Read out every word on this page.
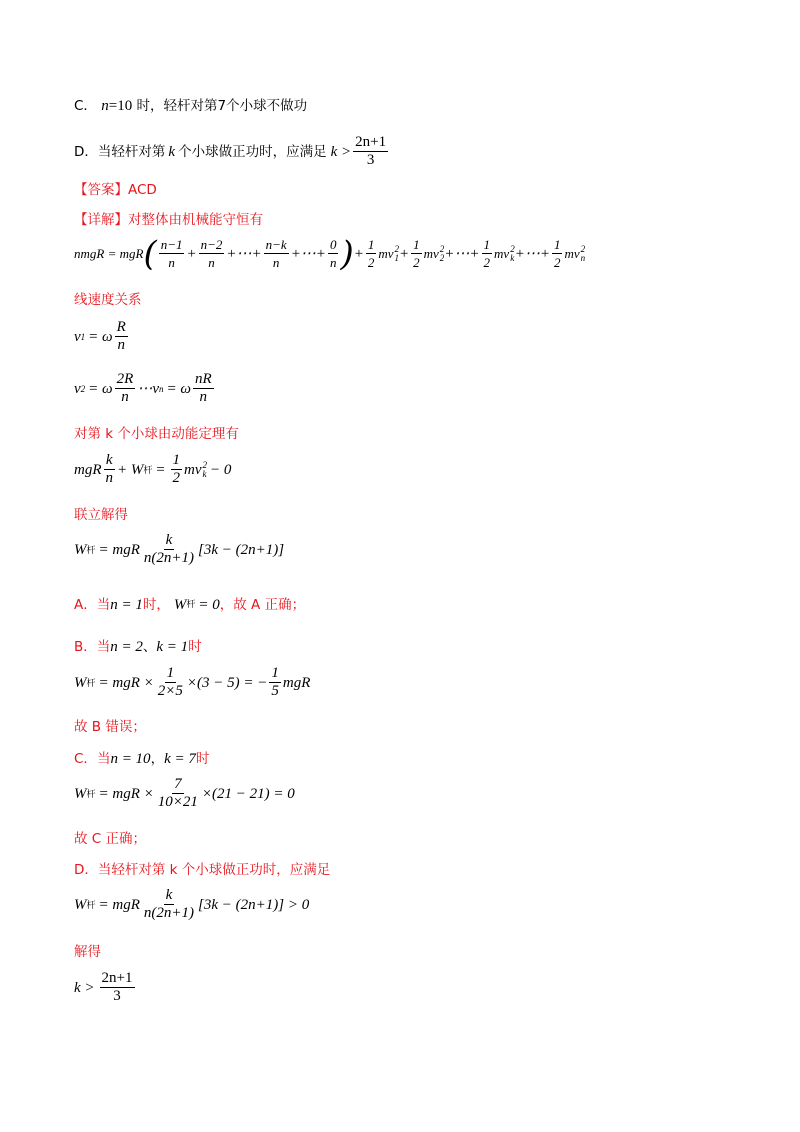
C． n=10 时，轻杆对第7个小球不做功
D． 当轻杆对第 k 个小球做正功时，应满足 $k > \frac{2n+1}{3}$
【答案】ACD
【详解】对整体由机械能守恒有
nmgR = mgR ( $\frac{n-1}{n} + \frac{n-2}{n}$ +⋯+ $\frac{n-k}{n}$ +⋯+ $\frac{0}{n}$ ) + $\frac{1}{2}$ mv 2
$1 + \frac{1}{2}$ mv 2
2 +⋯+ $\frac{1}{2}$ mv 2
k +⋯+ $\frac{1}{2}$ mv 2
n
线速度关系
v 1 = ω $\frac{R}{n}$
v 2 = ω $\frac{2R}{n}$ ⋯ v n = ω $\frac{nR}{n}$
对第 k 个小球由动能定理有
mgR $\frac{k}{n} + W$ 杆 = $\frac{1}{2}$ mv 2
k − 0
联立解得
W 杆 = mgR $\frac{k}{n(2n+1)} [3k - (2n+1)]$
A． 当 n = 1 时， W 杆 = 0 ，故 A 正确；
B． 当 n = 2 、 k = 1 时
W 杆 = mgR × $\frac{1}{2\times 5} \times(3 - 5)$ = − $\frac{1}{5}$ mgR
故 B 错误；
C． 当 n = 10 ， k = 7 时
W 杆 = mgR × $\frac{7}{10\times 21} \times(21 - 21) = 0$
故 C 正确；
D．当轻杆对第 k 个小球做正功时，应满足
W 杆 = mgR $\frac{k}{n(2n+1)} [3k - (2n+1)] > 0$
解得
$k > \frac{2n+1}{3}$
